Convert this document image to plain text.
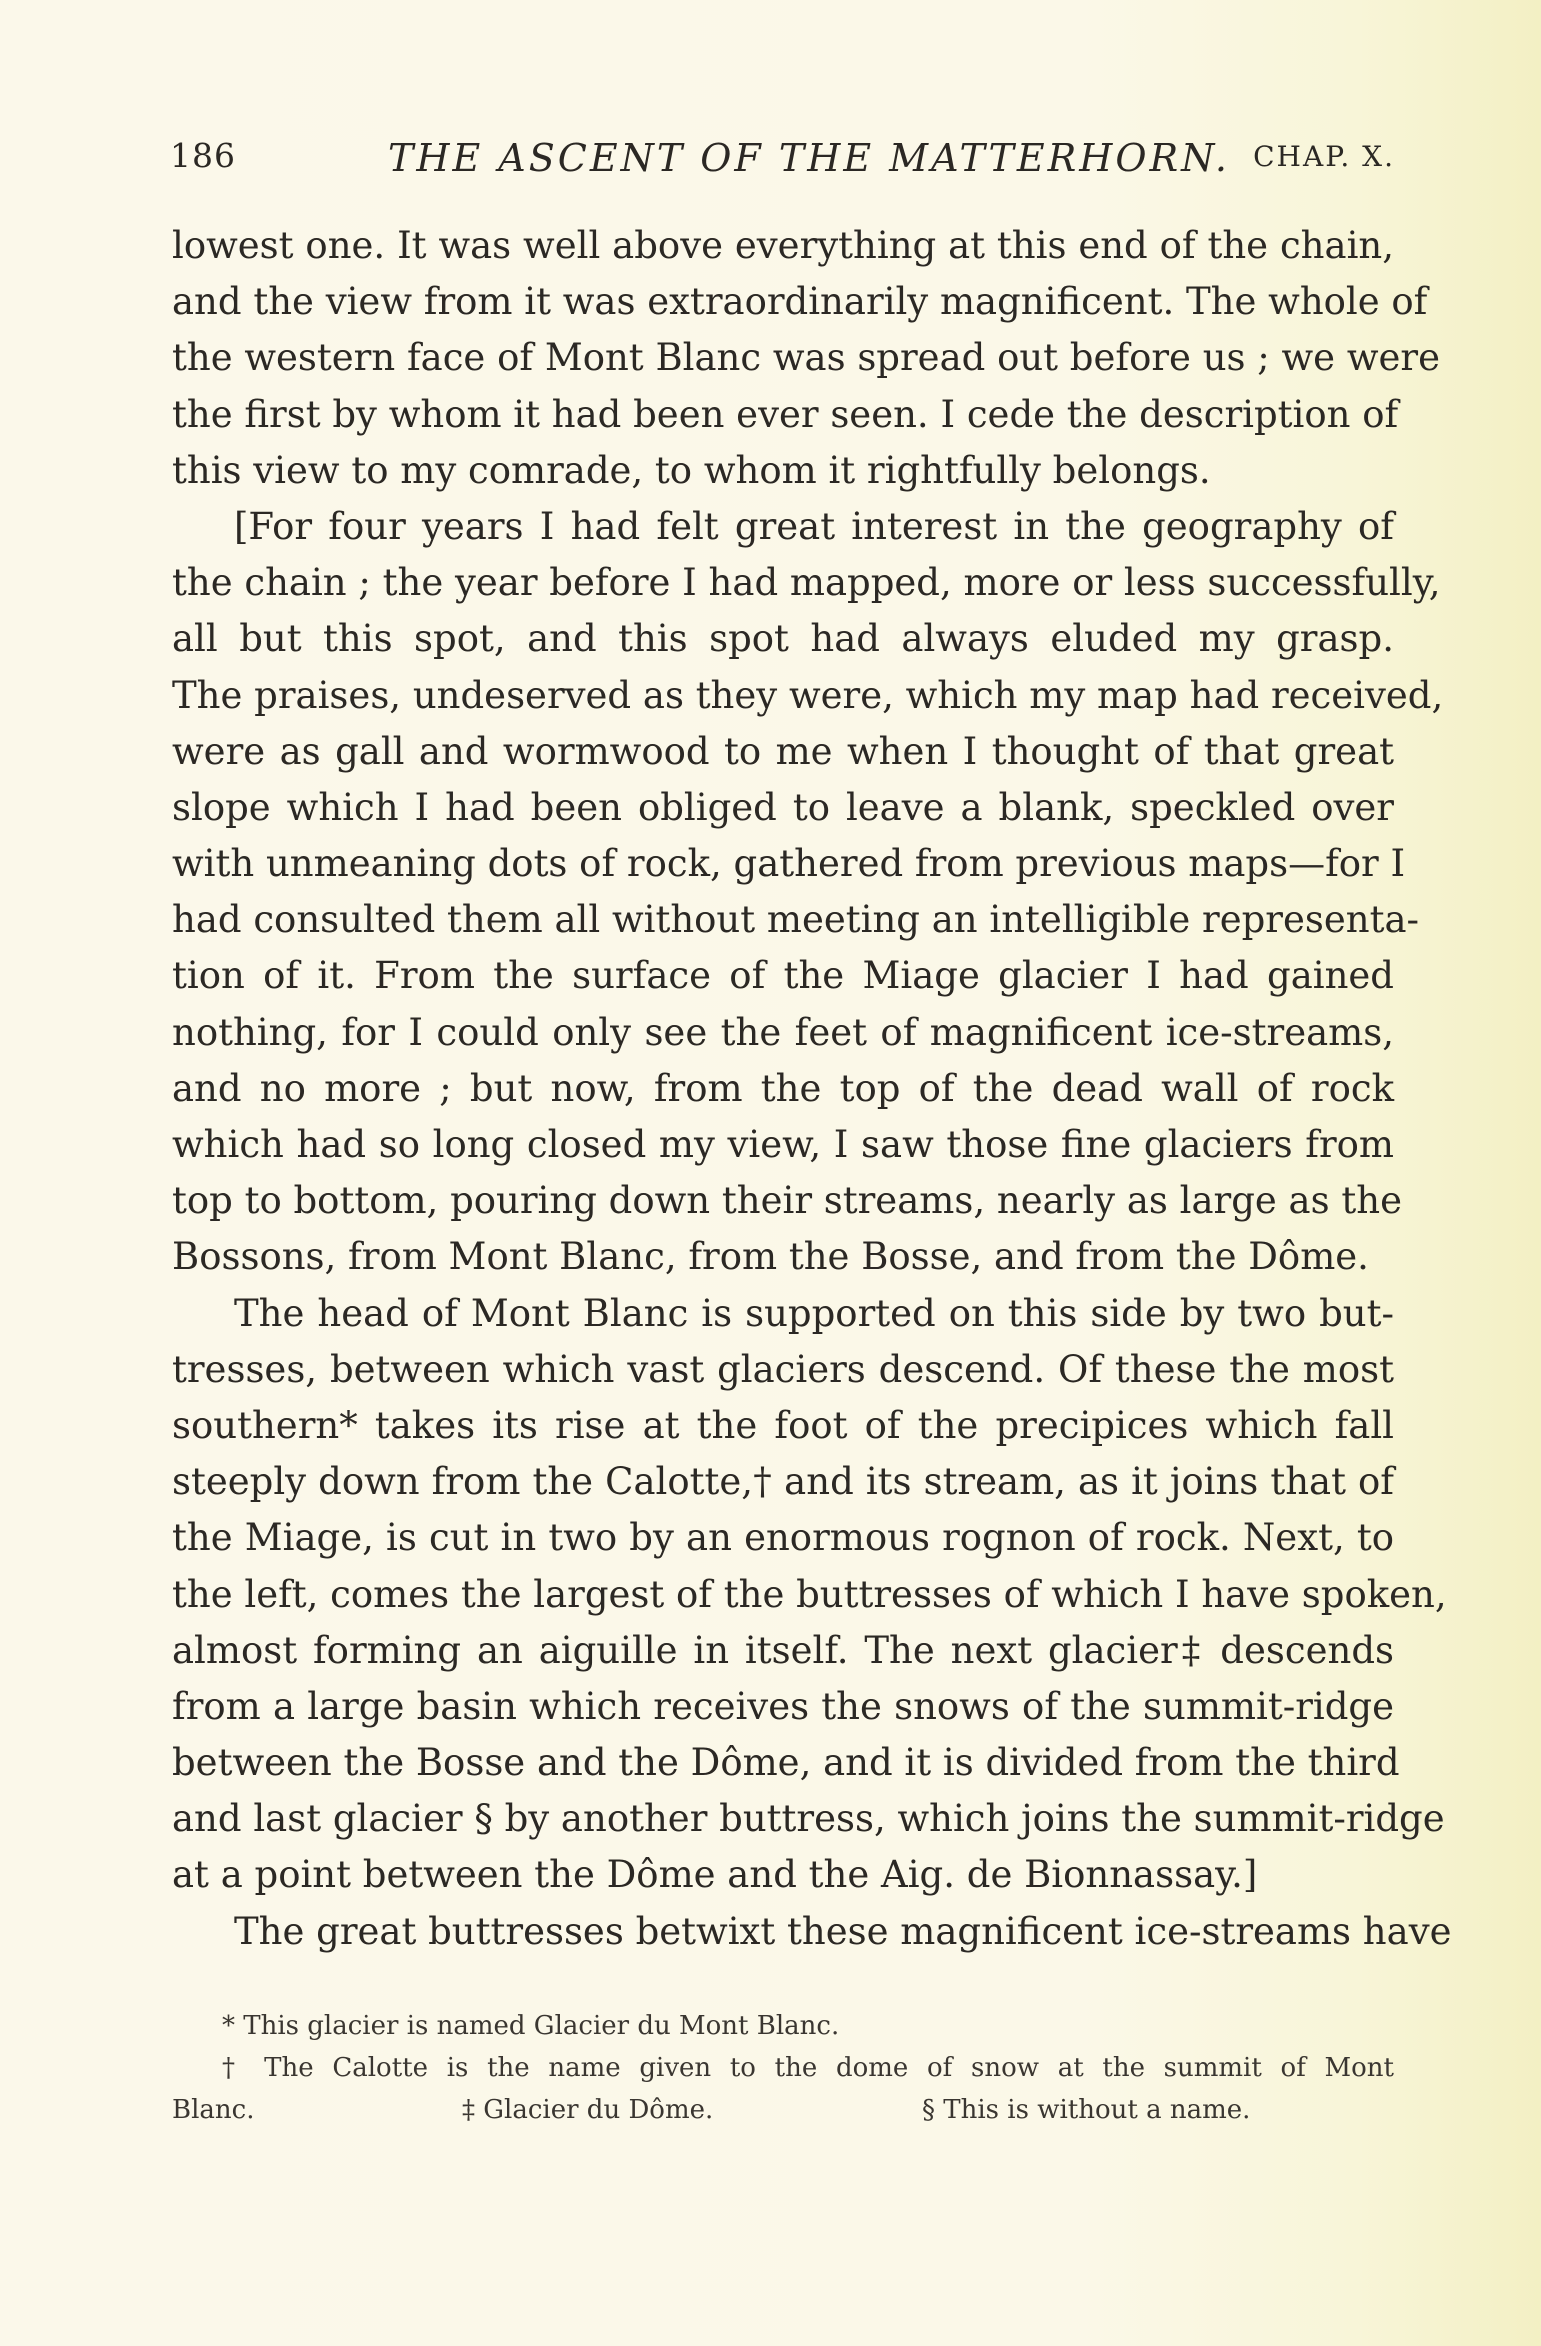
186	THE ASCENT OF THE MATTERHORN. CHAP. X.
lowest one. It was well above everything at this end of the chain,
and the view from it was extraordinarily magnificent. The whole of
the western face of Mont Blanc was spread out before us ; we were
the first by whom it had been ever seen. I cede the description of
this view to my comrade, to whom it rightfully belongs.
[For four years I had felt great interest in the geography of
the chain ; the year before I had mapped, more or less successfully,
all but this spot, and this spot had always eluded my grasp.
The praises, undeserved as they were, which my map had received,
were as gall and wormwood to me when I thought of that great
slope which I had been obliged to leave a blank, speckled over
with unmeaning dots of rock, gathered from previous maps—for I
had consulted them all without meeting an intelligible representa-
tion of it. From the surface of the Miage glacier I had gained
nothing, for I could only see the feet of magnificent ice-streams,
and no more ; but now, from the top of the dead wall of rock
which had so long closed my view, I saw those fine glaciers from
top to bottom, pouring down their streams, nearly as large as the
Bossons, from Mont Blanc, from the Bosse, and from the Dôme.
The head of Mont Blanc is supported on this side by two but-
tresses, between which vast glaciers descend. Of these the most
southern* takes its rise at the foot of the precipices which fall
steeply down from the Calotte,† and its stream, as it joins that of
the Miage, is cut in two by an enormous rognon of rock. Next, to
the left, comes the largest of the buttresses of which I have spoken,
almost forming an aiguille in itself. The next glacier‡ descends
from a large basin which receives the snows of the summit-ridge
between the Bosse and the Dôme, and it is divided from the third
and last glacier § by another buttress, which joins the summit-ridge
at a point between the Dôme and the Aig. de Bionnassay.]
The great buttresses betwixt these magnificent ice-streams have
* This glacier is named Glacier du Mont Blanc.
† The Calotte is the name given to the dome of snow at the summit of Mont
Blanc.	‡ Glacier du Dôme.	§ This is without a name.
